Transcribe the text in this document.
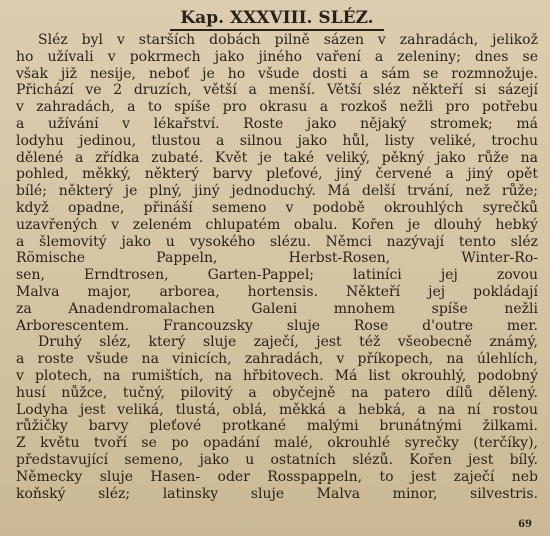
Kap. XXXVIII. SLÉZ.

Sléz byl v starších dobách pilně sázen v zahradách, jelikož

ho užívali v pokrmech jako jiného vaření a zeleniny; dnes se

však již nesije, neboť je ho všude dosti a sám se rozmnožuje.

Přichází ve 2 druzích, větší a menší. Větší sléz někteří si sázejí

v zahradách, a to spíše pro okrasu a rozkoš nežli pro potřebu

a užívání v lékařství. Roste jako nějaký stromek; má

lodyhu jedinou, tlustou a silnou jako hůl, listy veliké, trochu

dělené a zřídka zubaté. Květ je také veliký, pěkný jako růže na

pohled, měkký, některý barvy pleťové, jiný červené a jiný opět

bílé; některý je plný, jiný jednoduchý. Má delší trvání, než růže;

když opadne, přináší semeno v podobě okrouhlých syrečků

uzavřených v zeleném chlupatém obalu. Kořen je dlouhý hebký

a šlemovitý jako u vysokého slézu. Němci nazývají tento sléz

Römische Pappeln, Herbst-Rosen, Winter-Ro-

sen, Erndtrosen, Garten-Pappel; latiníci jej zovou

Malva major, arborea, hortensis. Někteří jej pokládají

za Anadendromalachen Galeni mnohem spíše nežli

Arborescentem. Francouzsky sluje Rose d'outre mer.

Druhý sléz, který sluje zaječí, jest též všeobecně známý,

a roste všude na vinicích, zahradách, v příkopech, na úlehlích,

v plotech, na rumištích, na hřbitovech. Má list okrouhlý, podobný

husí nůžce, tučný, pilovitý a obyčejně na patero dílů dělený.

Lodyha jest veliká, tlustá, oblá, měkká a hebká, a na ní rostou

růžičky barvy pleťové protkané malými brunátnými žilkami.

Z květu tvoří se po opadání malé, okrouhlé syrečky (terčíky),

představující semeno, jako u ostatních slézů. Kořen jest bílý.

Německy sluje Hasen- oder Rosspappeln, to jest zaječí neb

koňský sléz; latinsky sluje Malva minor, silvestris.

69
